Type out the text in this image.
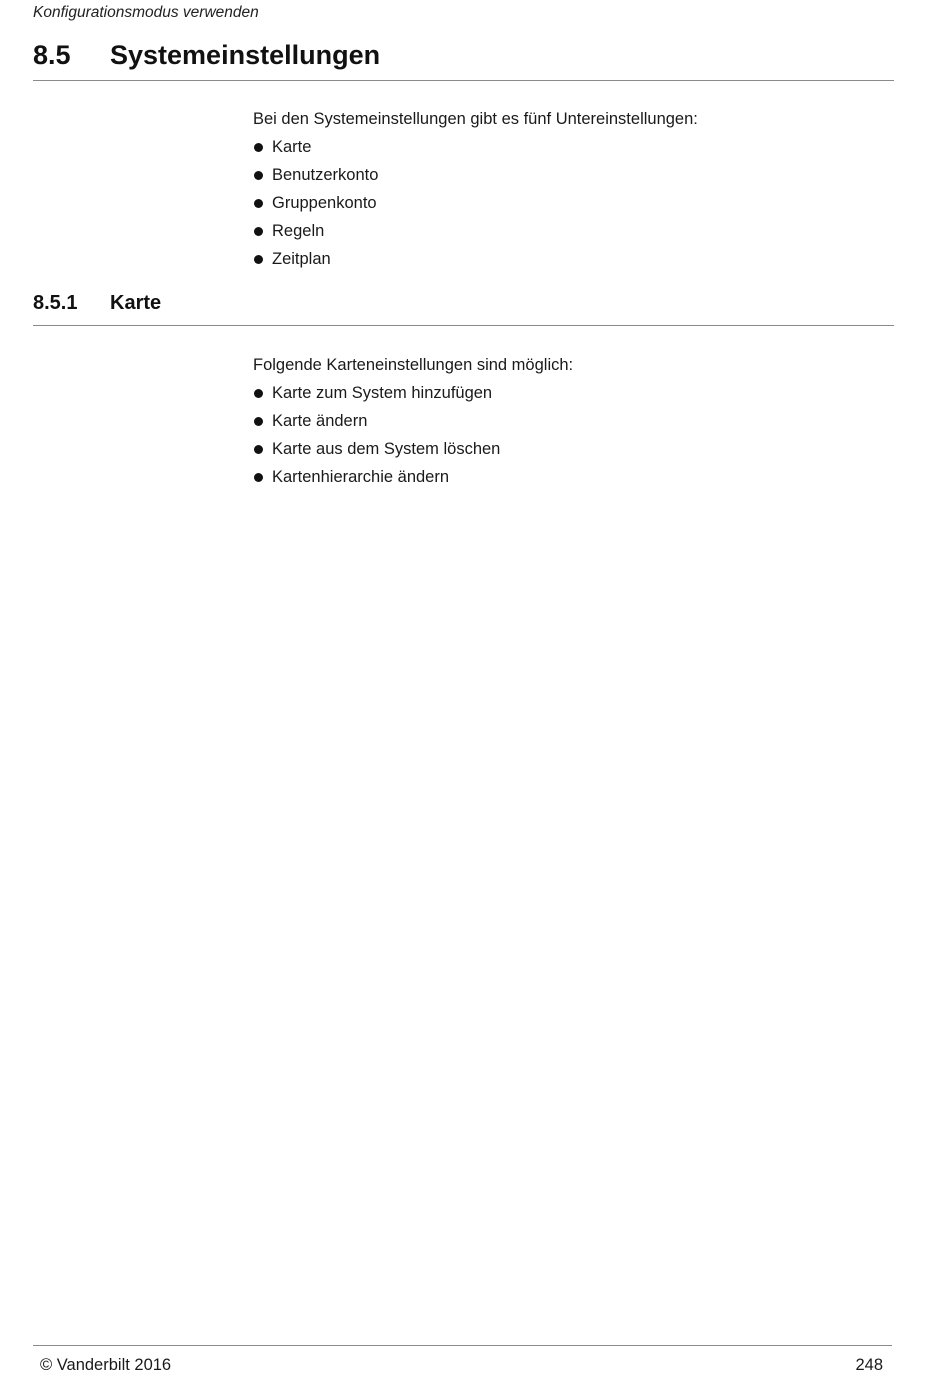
Konfigurationsmodus verwenden
8.5 Systemeinstellungen
Bei den Systemeinstellungen gibt es fünf Untereinstellungen:
Karte
Benutzerkonto
Gruppenkonto
Regeln
Zeitplan
8.5.1 Karte
Folgende Karteneinstellungen sind möglich:
Karte zum System hinzufügen
Karte ändern
Karte aus dem System löschen
Kartenhierarchie ändern
© Vanderbilt 2016	248
